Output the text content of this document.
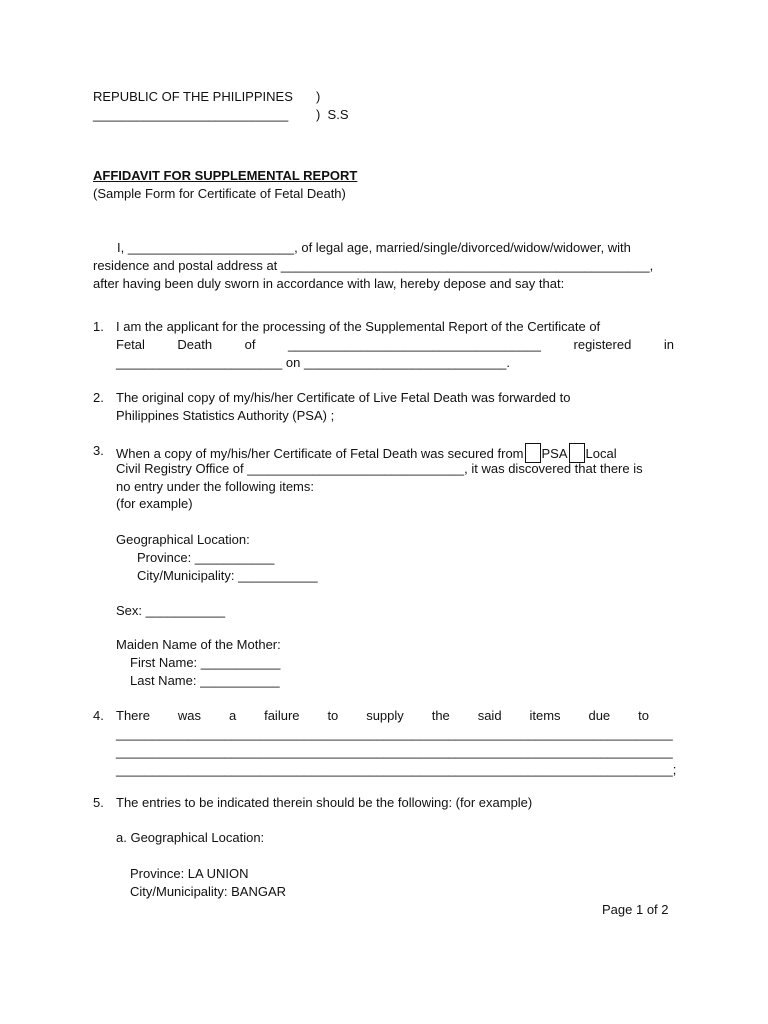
REPUBLIC OF THE PHILIPPINES )
___________________________ )  S.S
AFFIDAVIT FOR SUPPLEMENTAL REPORT
(Sample Form for Certificate of Fetal Death)
I, _______________________, of legal age, married/single/divorced/widow/widower, with
residence and postal address at ___________________________________________________,
after having been duly sworn in accordance with law, hereby depose and say that:
1. I am the applicant for the processing of the Supplemental Report of the Certificate of
Fetal	Death	of	___________________________________	registered	in
_______________________ on ____________________________.
2. The original copy of my/his/her Certificate of Live Fetal Death was forwarded to
Philippines Statistics Authority (PSA) ;
3. When a copy of my/his/her Certificate of Fetal Death was secured from PSA Local
Civil Registry Office of ______________________________, it was discovered that there is
no entry under the following items:
(for example)
Geographical Location:
Province: ___________
City/Municipality: ___________
Sex: ___________
Maiden Name of the Mother:
First Name: ___________
Last Name: ___________
4. There was a failure to supply the said items due to
_____________________________________________________________________________
_____________________________________________________________________________
_____________________________________________________________________________;
5. The entries to be indicated therein should be the following: (for example)
a. Geographical Location:
Province: LA UNION
City/Municipality: BANGAR
Page 1 of 2
